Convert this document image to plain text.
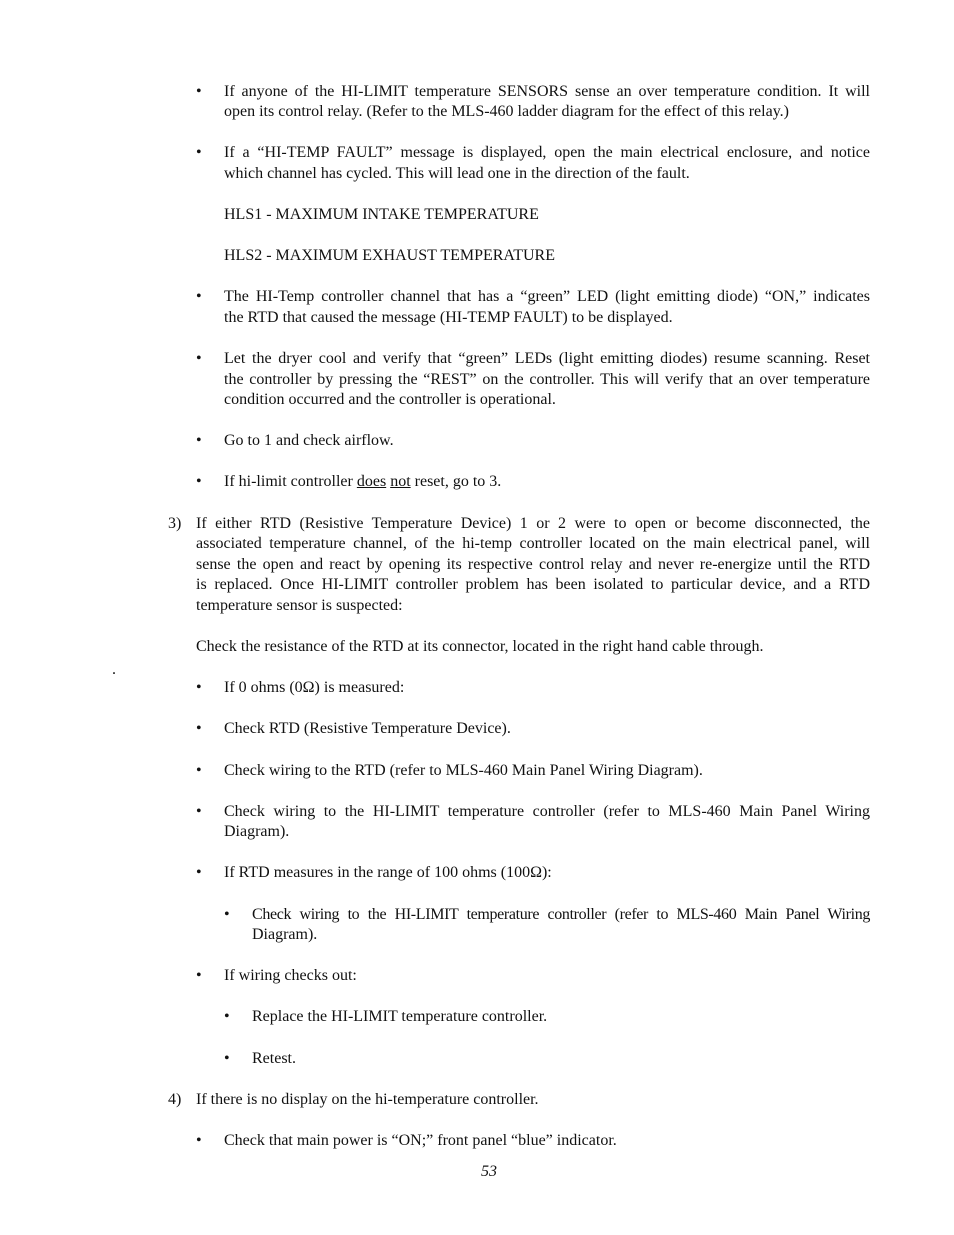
• If anyone of the HI-LIMIT temperature SENSORS sense an over temperature condition. It will
open its control relay. (Refer to the MLS-460 ladder diagram for the effect of this relay.)
• If a “HI-TEMP FAULT” message is displayed, open the main electrical enclosure, and notice
which channel has cycled. This will lead one in the direction of the fault.
HLS1 - MAXIMUM INTAKE TEMPERATURE
HLS2 - MAXIMUM EXHAUST TEMPERATURE
• The HI-Temp controller channel that has a “green” LED (light emitting diode) “ON,” indicates
the RTD that caused the message (HI-TEMP FAULT) to be displayed.
• Let the dryer cool and verify that “green” LEDs (light emitting diodes) resume scanning. Reset
the controller by pressing the “REST” on the controller. This will verify that an over temperature
condition occurred and the controller is operational.
• Go to 1 and check airflow.
• If hi-limit controller does not reset, go to 3.
3) If either RTD (Resistive Temperature Device) 1 or 2 were to open or become disconnected, the
associated temperature channel, of the hi-temp controller located on the main electrical panel, will
sense the open and react by opening its respective control relay and never re-energize until the RTD
is replaced. Once HI-LIMIT controller problem has been isolated to particular device, and a RTD
temperature sensor is suspected:
Check the resistance of the RTD at its connector, located in the right hand cable through.
.
• If 0 ohms (0Ω) is measured:
• Check RTD (Resistive Temperature Device).
• Check wiring to the RTD (refer to MLS-460 Main Panel Wiring Diagram).
• Check wiring to the HI-LIMIT temperature controller (refer to MLS-460 Main Panel Wiring
Diagram).
• If RTD measures in the range of 100 ohms (100Ω):
• Check wiring to the HI-LIMIT temperature controller (refer to MLS-460 Main Panel Wiring
Diagram).
• If wiring checks out:
• Replace the HI-LIMIT temperature controller.
• Retest.
4) If there is no display on the hi-temperature controller.
• Check that main power is “ON;” front panel “blue” indicator.
53
